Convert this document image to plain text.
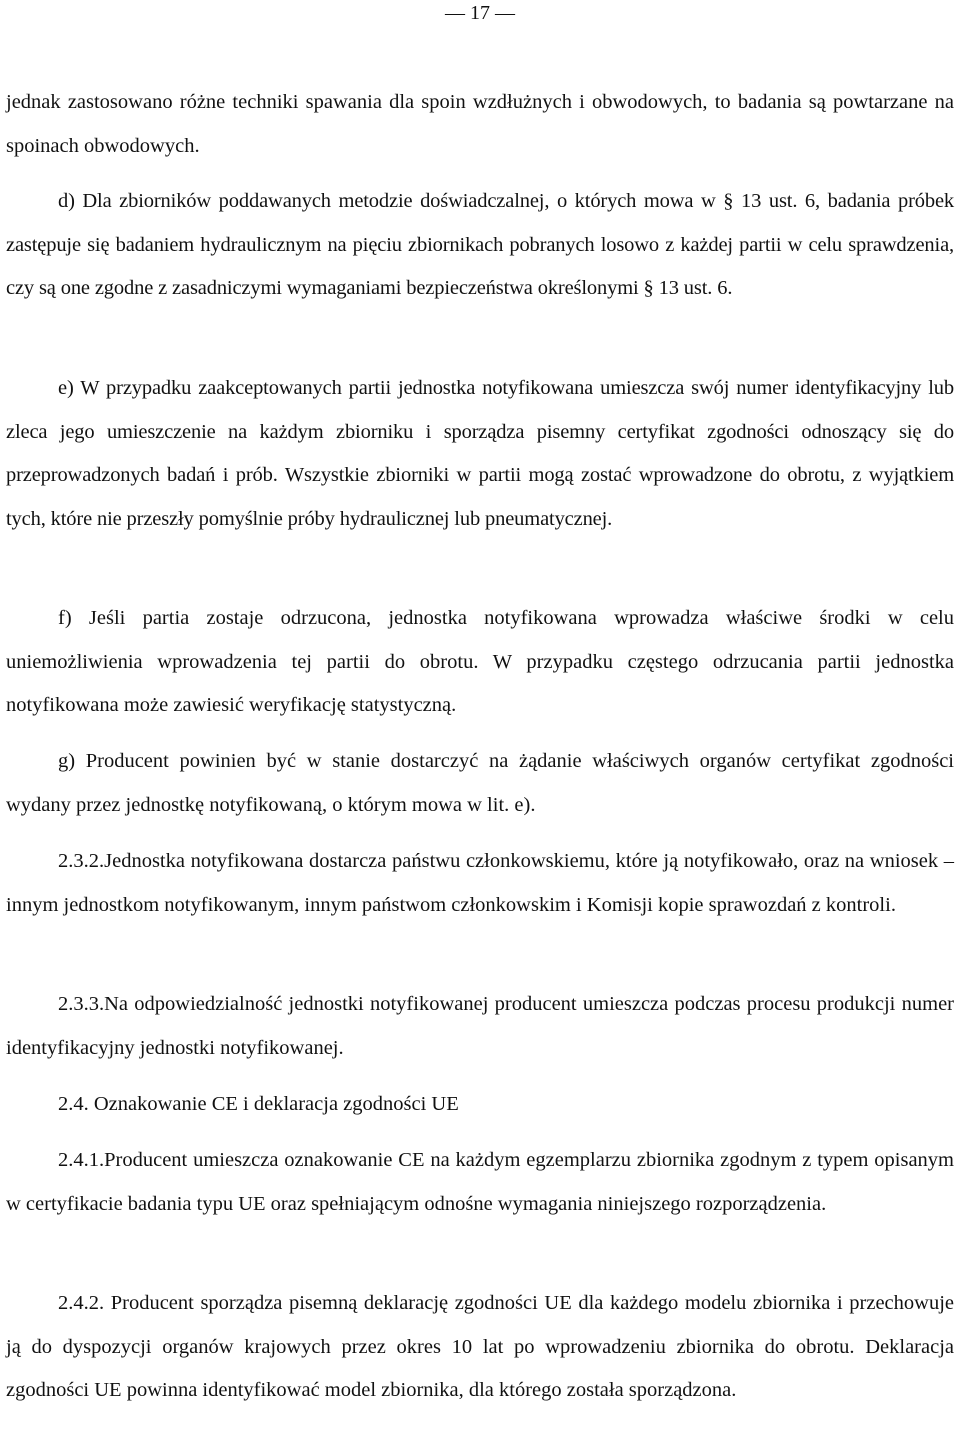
— 17 —

jednak zastosowano różne techniki spawania dla spoin wzdłużnych i obwodowych, to badania są powtarzane na spoinach obwodowych.

d) Dla zbiorników poddawanych metodzie doświadczalnej, o których mowa w § 13 ust. 6, badania próbek zastępuje się badaniem hydraulicznym na pięciu zbiornikach pobranych losowo z każdej partii w celu sprawdzenia, czy są one zgodne z zasadniczymi wymaganiami bezpieczeństwa określonymi § 13 ust. 6.

e) W przypadku zaakceptowanych partii jednostka notyfikowana umieszcza swój numer identyfikacyjny lub zleca jego umieszczenie na każdym zbiorniku i sporządza pisemny certyfikat zgodności odnoszący się do przeprowadzonych badań i prób. Wszystkie zbiorniki w partii mogą zostać wprowadzone do obrotu, z wyjątkiem tych, które nie przeszły pomyślnie próby hydraulicznej lub pneumatycznej.

f) Jeśli partia zostaje odrzucona, jednostka notyfikowana wprowadza właściwe środki w celu uniemożliwienia wprowadzenia tej partii do obrotu. W przypadku częstego odrzucania partii jednostka notyfikowana może zawiesić weryfikację statystyczną.

g) Producent powinien być w stanie dostarczyć na żądanie właściwych organów certyfikat zgodności wydany przez jednostkę notyfikowaną, o którym mowa w lit. e).

2.3.2.Jednostka notyfikowana dostarcza państwu członkowskiemu, które ją notyfikowało, oraz na wniosek – innym jednostkom notyfikowanym, innym państwom członkowskim i Komisji kopie sprawozdań z kontroli.

2.3.3.Na odpowiedzialność jednostki notyfikowanej producent umieszcza podczas procesu produkcji numer identyfikacyjny jednostki notyfikowanej.

2.4. Oznakowanie CE i deklaracja zgodności UE

2.4.1.Producent umieszcza oznakowanie CE na każdym egzemplarzu zbiornika zgodnym z typem opisanym w certyfikacie badania typu UE oraz spełniającym odnośne wymagania niniejszego rozporządzenia.

2.4.2. Producent sporządza pisemną deklarację zgodności UE dla każdego modelu zbiornika i przechowuje ją do dyspozycji organów krajowych przez okres 10 lat po wprowadzeniu zbiornika do obrotu. Deklaracja zgodności UE powinna identyfikować model zbiornika, dla którego została sporządzona.
